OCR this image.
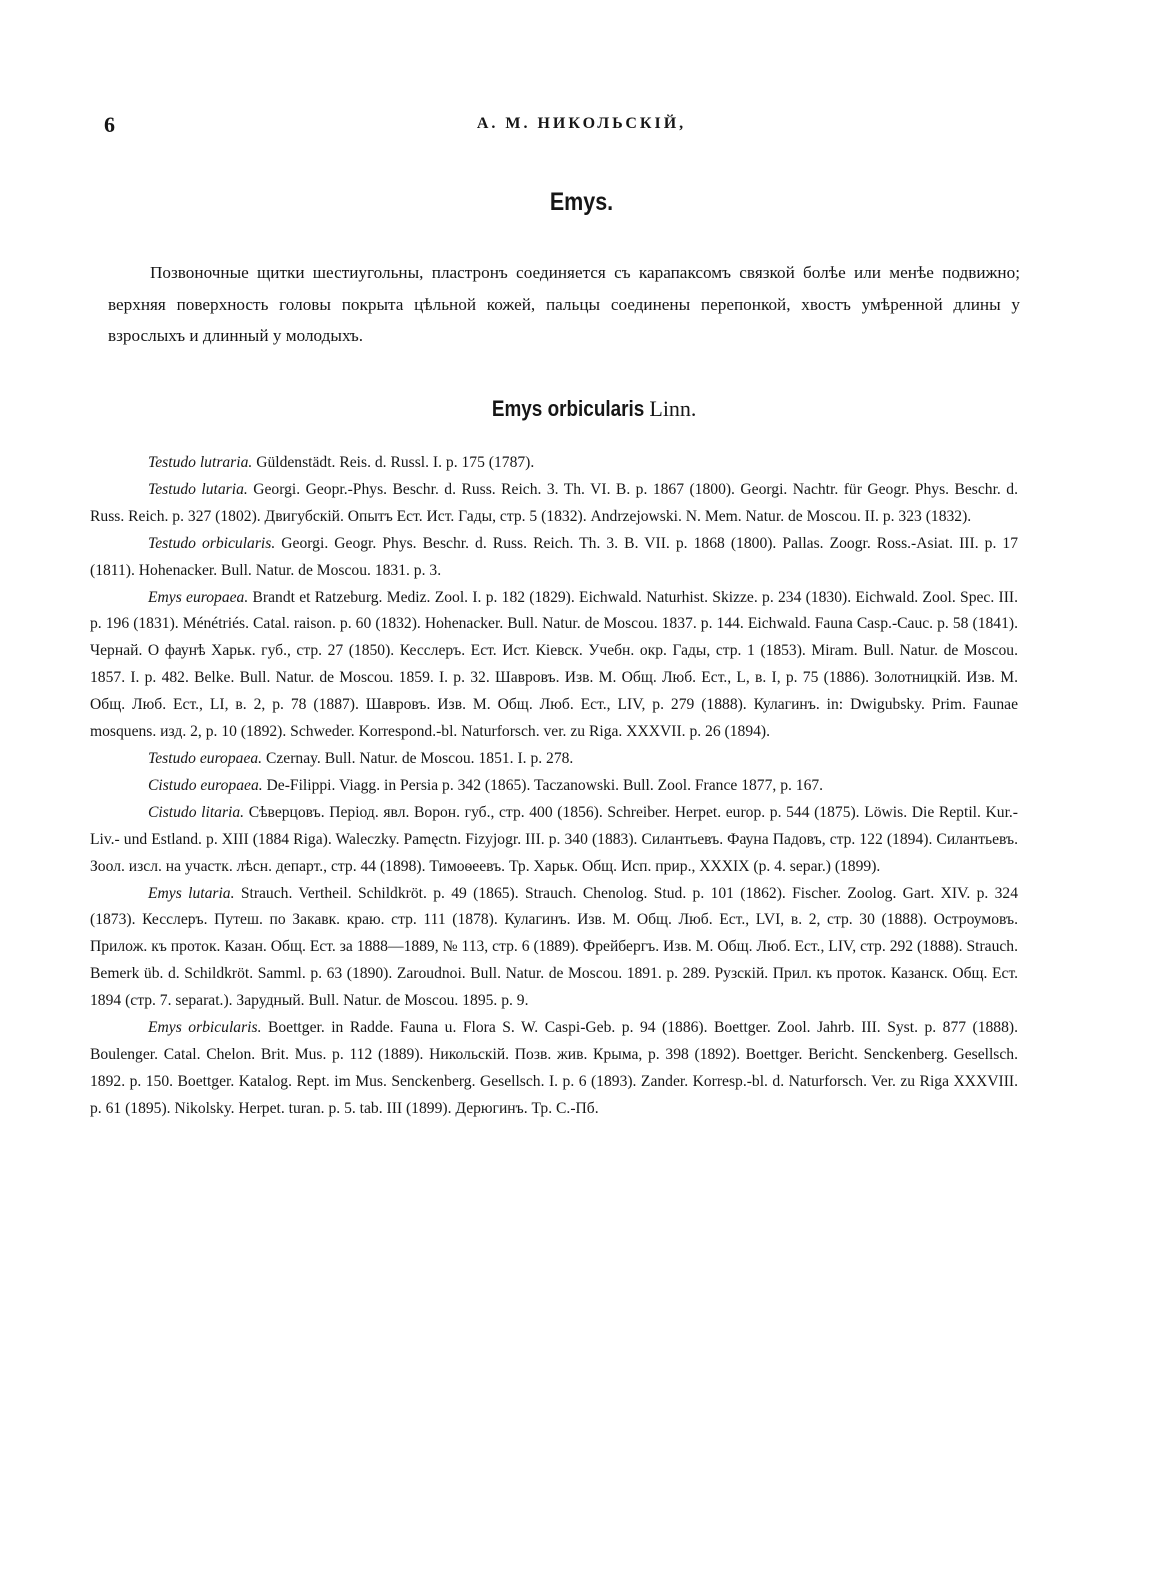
6	А. М. НИКОЛЬСКІЙ,
Emys.

Позвоночные щитки шестиугольны, пластронъ соединяется съ карапаксомъ связкой болѣе или менѣе подвижно; верхняя поверхность головы покрыта цѣльной кожей, пальцы соединены перепонкой, хвостъ умѣренной длины у взрослыхъ и длинный у молодыхъ.

Emys orbicularis Linn.

Testudo lutraria. Güldenstädt. Reis. d. Russl. I. p. 175 (1787).

Testudo lutaria. Georgi. Geopr.-Phys. Beschr. d. Russ. Reich. 3. Th. VI. B. p. 1867 (1800). Georgi. Nachtr. für Geogr. Phys. Beschr. d. Russ. Reich. p. 327 (1802). Двигубскій. Опытъ Ест. Ист. Гады, стр. 5 (1832). Andrzejowski. N. Mem. Natur. de Moscou. II. p. 323 (1832).

Testudo orbicularis. Georgi. Geogr. Phys. Beschr. d. Russ. Reich. Th. 3. B. VII. p. 1868 (1800). Pallas. Zoogr. Ross.-Asiat. III. p. 17 (1811). Hohenacker. Bull. Natur. de Moscou. 1831. p. 3.

Emys europaea. Brandt et Ratzeburg. Mediz. Zool. I. p. 182 (1829). Eichwald. Naturhist. Skizze. p. 234 (1830). Eichwald. Zool. Spec. III. p. 196 (1831). Ménétriés. Catal. raison. p. 60 (1832). Hohenacker. Bull. Natur. de Moscou. 1837. p. 144. Eichwald. Fauna Casp.-Cauc. p. 58 (1841). Чернай. О фаунѣ Харьк. губ., стр. 27 (1850). Кесслеръ. Ест. Ист. Кіевск. Учебн. окр. Гады, стр. 1 (1853). Miram. Bull. Natur. de Moscou. 1857. I. p. 482. Belke. Bull. Natur. de Moscou. 1859. I. p. 32. Шавровъ. Изв. М. Общ. Люб. Ест., L, в. I, p. 75 (1886). Золотницкій. Изв. М. Общ. Люб. Ест., LI, в. 2, p. 78 (1887). Шавровъ. Изв. М. Общ. Люб. Ест., LIV, p. 279 (1888). Кулагинъ. in: Dwigubsky. Prim. Faunae mosquens. изд. 2, p. 10 (1892). Schweder. Korrespond.-bl. Naturforsch. ver. zu Riga. XXXVII. p. 26 (1894).

Testudo europaea. Czernay. Bull. Natur. de Moscou. 1851. I. p. 278.

Cistudo europaea. De-Filippi. Viagg. in Persia p. 342 (1865). Taczanowski. Bull. Zool. France 1877, p. 167.

Cistudo litaria. Сѣверцовъ. Період. явл. Ворон. губ., стр. 400 (1856). Schreiber. Herpet. europ. p. 544 (1875). Löwis. Die Reptil. Kur.- Liv.- und Estland. p. XIII (1884 Riga). Waleczky. Pamęctn. Fizyjogr. III. p. 340 (1883). Силантьевъ. Фауна Падовъ, стр. 122 (1894). Силантьевъ. Зоол. изсл. на участк. лѣсн. департ., стр. 44 (1898). Тимоѳеевъ. Тр. Харьк. Общ. Исп. прир., XXXIX (p. 4. separ.) (1899).

Emys lutaria. Strauch. Vertheil. Schildkröt. p. 49 (1865). Strauch. Chenolog. Stud. p. 101 (1862). Fischer. Zoolog. Gart. XIV. p. 324 (1873). Кесслеръ. Путеш. по Закавк. краю. стр. 111 (1878). Кулагинъ. Изв. М. Общ. Люб. Ест., LVI, в. 2, стр. 30 (1888). Остроумовъ. Прилож. къ проток. Казан. Общ. Ест. за 1888—1889, № 113, стр. 6 (1889). Фрейбергъ. Изв. М. Общ. Люб. Ест., LIV, стр. 292 (1888). Strauch. Bemerk üb. d. Schildkröt. Samml. p. 63 (1890). Zaroudnoi. Bull. Natur. de Moscou. 1891. p. 289. Рузскій. Прил. къ проток. Казанск. Общ. Ест. 1894 (стр. 7. separat.). Зарудный. Bull. Natur. de Moscou. 1895. p. 9.

Emys orbicularis. Boettger. in Radde. Fauna u. Flora S. W. Caspi-Geb. p. 94 (1886). Boettger. Zool. Jahrb. III. Syst. p. 877 (1888). Boulenger. Catal. Chelon. Brit. Mus. p. 112 (1889). Никольскій. Позв. жив. Крыма, p. 398 (1892). Boettger. Bericht. Senckenberg. Gesellsch. 1892. p. 150. Boettger. Katalog. Rept. im Mus. Senckenberg. Gesellsch. I. p. 6 (1893). Zander. Korresp.-bl. d. Naturforsch. Ver. zu Riga XXXVIII. p. 61 (1895). Nikolsky. Herpet. turan. p. 5. tab. III (1899). Дерюгинъ. Тр. С.-Пб.
